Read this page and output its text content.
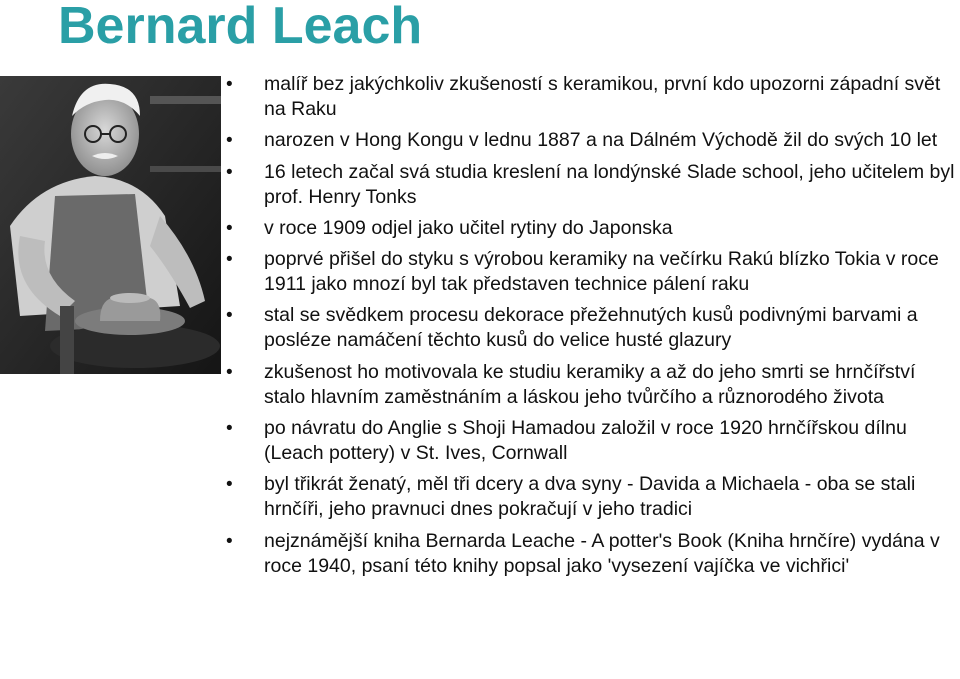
Bernard Leach
• malíř bez jakýchkoliv zkušeností s keramikou, první kdo upozorni západní svět na Raku
• narozen v Hong Kongu v lednu 1887 a na Dálném Východě žil do svých 10 let
• 16 letech začal svá studia kreslení na londýnské Slade school, jeho učitelem byl prof. Henry Tonks
• v roce 1909 odjel jako učitel rytiny do Japonska
• poprvé přišel do styku s výrobou keramiky na večírku Rakú blízko Tokia v roce 1911 jako mnozí byl tak představen technice pálení raku
• stal se svědkem procesu dekorace přežehnutých kusů podivnými barvami a posléze namáčení těchto kusů do velice husté glazury
• zkušenost ho motivovala ke studiu keramiky a až do jeho smrti se hrnčířství stalo hlavním zaměstnáním a láskou jeho tvůrčího a různorodého života
• po návratu do Anglie s Shoji Hamadou založil v roce 1920 hrnčířskou dílnu (Leach pottery) v St. Ives, Cornwall
• byl třikrát ženatý, měl tři dcery a dva syny - Davida a Michaela - oba se stali hrnčíři, jeho pravnuci dnes pokračují v jeho tradici
• nejznámější kniha Bernarda Leache - A potter's Book (Kniha hrnčíre) vydána v roce 1940, psaní této knihy popsal jako 'vysezení vajíčka ve vichřici'
